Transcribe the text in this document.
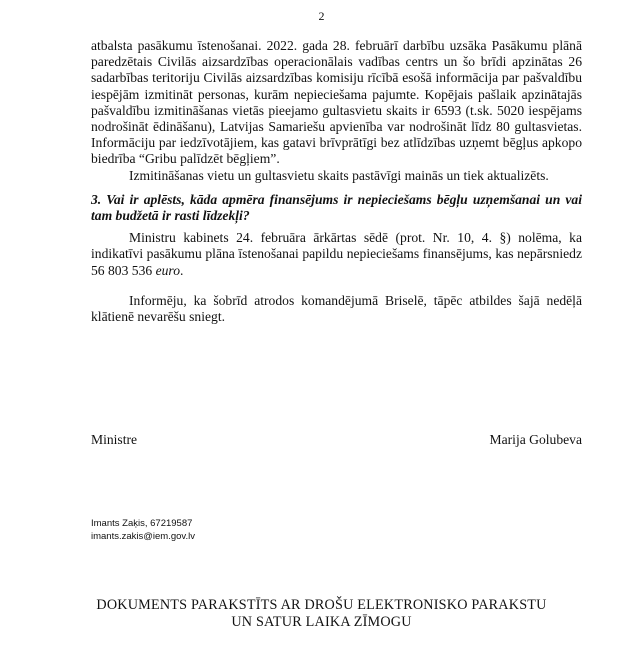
2

atbalsta pasākumu īstenošanai. 2022. gada 28. februārī darbību uzsāka Pasākumu plānā paredzētais Civilās aizsardzības operacionālais vadības centrs un šo brīdi apzinātas 26 sadarbības teritoriju Civilās aizsardzības komisiju rīcībā esošā informācija par pašvaldību iespējām izmitināt personas, kurām nepieciešama pajumte. Kopējais pašlaik apzinātajās pašvaldību izmitināšanas vietās pieejamo gultasvietu skaits ir 6593 (t.sk. 5020 iespējams nodrošināt ēdināšanu), Latvijas Samariešu apvienība var nodrošināt līdz 80 gultasvietas. Informāciju par iedzīvotājiem, kas gatavi brīvprātīgi bez atlīdzības uzņemt bēgļus apkopo biedrība “Gribu palīdzēt bēgļiem”.

Izmitināšanas vietu un gultasvietu skaits pastāvīgi mainās un tiek aktualizēts.

3. Vai ir aplēsts, kāda apmēra finansējums ir nepieciešams bēgļu uzņemšanai un vai tam budžetā ir rasti līdzekļi?

Ministru kabinets 24. februāra ārkārtas sēdē (prot. Nr. 10, 4. §) nolēma, ka indikatīvi pasākumu plāna īstenošanai papildu nepieciešams finansējums, kas nepārsniedz 56 803 536 euro.

Informēju, ka šobrīd atrodos komandējumā Briselē, tāpēc atbildes šajā nedēļā klātienē nevarēšu sniegt.

Ministre	Marija Golubeva
Imants Zaķis, 67219587
imants.zakis@iem.gov.lv
DOKUMENTS PARAKSTĪTS AR DROŠU ELEKTRONISKO PARAKSTU
UN SATUR LAIKA ZĪMOGU
